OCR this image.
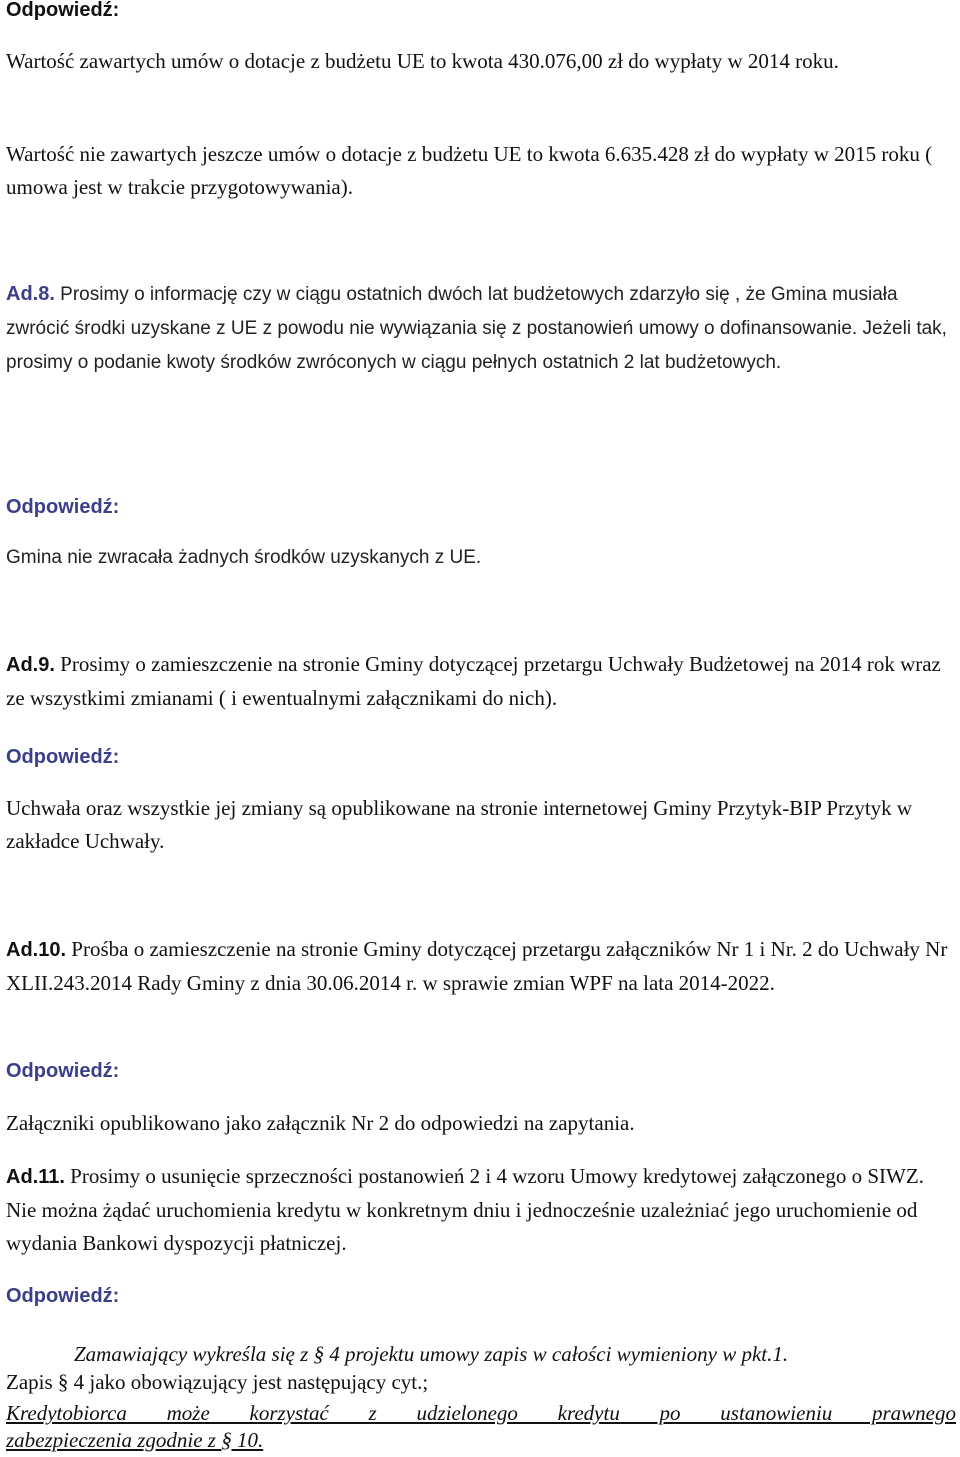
Odpowiedź:

Wartość zawartych umów o dotacje z budżetu UE to kwota 430.076,00 zł do wypłaty w 2014 roku.

Wartość nie zawartych jeszcze umów o dotacje z budżetu UE to kwota 6.635.428 zł do wypłaty w 2015 roku ( umowa jest w trakcie przygotowywania).

Ad.8. Prosimy o informację czy w ciągu ostatnich dwóch lat budżetowych zdarzyło się , że Gmina musiała zwrócić środki uzyskane z UE z powodu nie wywiązania się z postanowień umowy o dofinansowanie. Jeżeli tak, prosimy o podanie kwoty środków zwróconych w ciągu pełnych ostatnich 2 lat budżetowych.

Odpowiedź:

Gmina nie zwracała żadnych środków uzyskanych z UE.

Ad.9. Prosimy o zamieszczenie na stronie Gminy dotyczącej przetargu Uchwały Budżetowej na 2014 rok wraz ze wszystkimi zmianami ( i ewentualnymi załącznikami do nich).

Odpowiedź:

Uchwała oraz wszystkie jej zmiany są opublikowane na stronie internetowej Gminy Przytyk-BIP Przytyk w zakładce Uchwały.

Ad.10. Prośba o zamieszczenie na stronie Gminy dotyczącej przetargu załączników Nr 1 i Nr. 2 do Uchwały Nr XLII.243.2014 Rady Gminy z dnia 30.06.2014 r. w sprawie zmian WPF na lata 2014-2022.

Odpowiedź:

Załączniki opublikowano jako załącznik Nr 2 do odpowiedzi na zapytania.

Ad.11. Prosimy o usunięcie sprzeczności postanowień 2 i 4 wzoru Umowy kredytowej załączonego o SIWZ. Nie można żądać uruchomienia kredytu w konkretnym dniu i jednocześnie uzależniać jego uruchomienie od wydania Bankowi dyspozycji płatniczej.

Odpowiedź:
Zamawiający wykreśla się z § 4 projektu umowy zapis w całości wymieniony w pkt.1.
Zapis § 4 jako obowiązujący jest następujący cyt.;
Kredytobiorca może korzystać z udzielonego kredytu po ustanowieniu prawnego
zabezpieczenia zgodnie z § 10.
